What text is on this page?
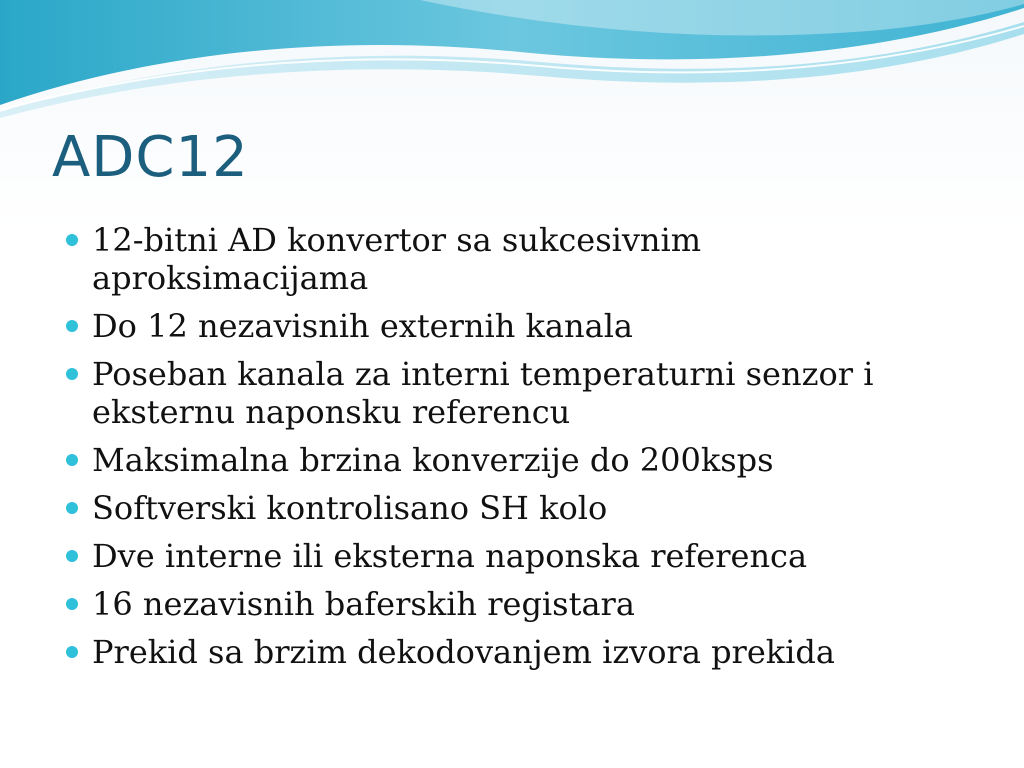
ADC12
12-bitni AD konvertor sa sukcesivnim
aproksimacijama
Do 12 nezavisnih externih kanala
Poseban kanala za interni temperaturni senzor i
eksternu naponsku referencu
Maksimalna brzina konverzije do 200ksps
Softverski kontrolisano SH kolo
Dve interne ili eksterna naponska referenca
16 nezavisnih baferskih registara
Prekid sa brzim dekodovanjem izvora prekida
